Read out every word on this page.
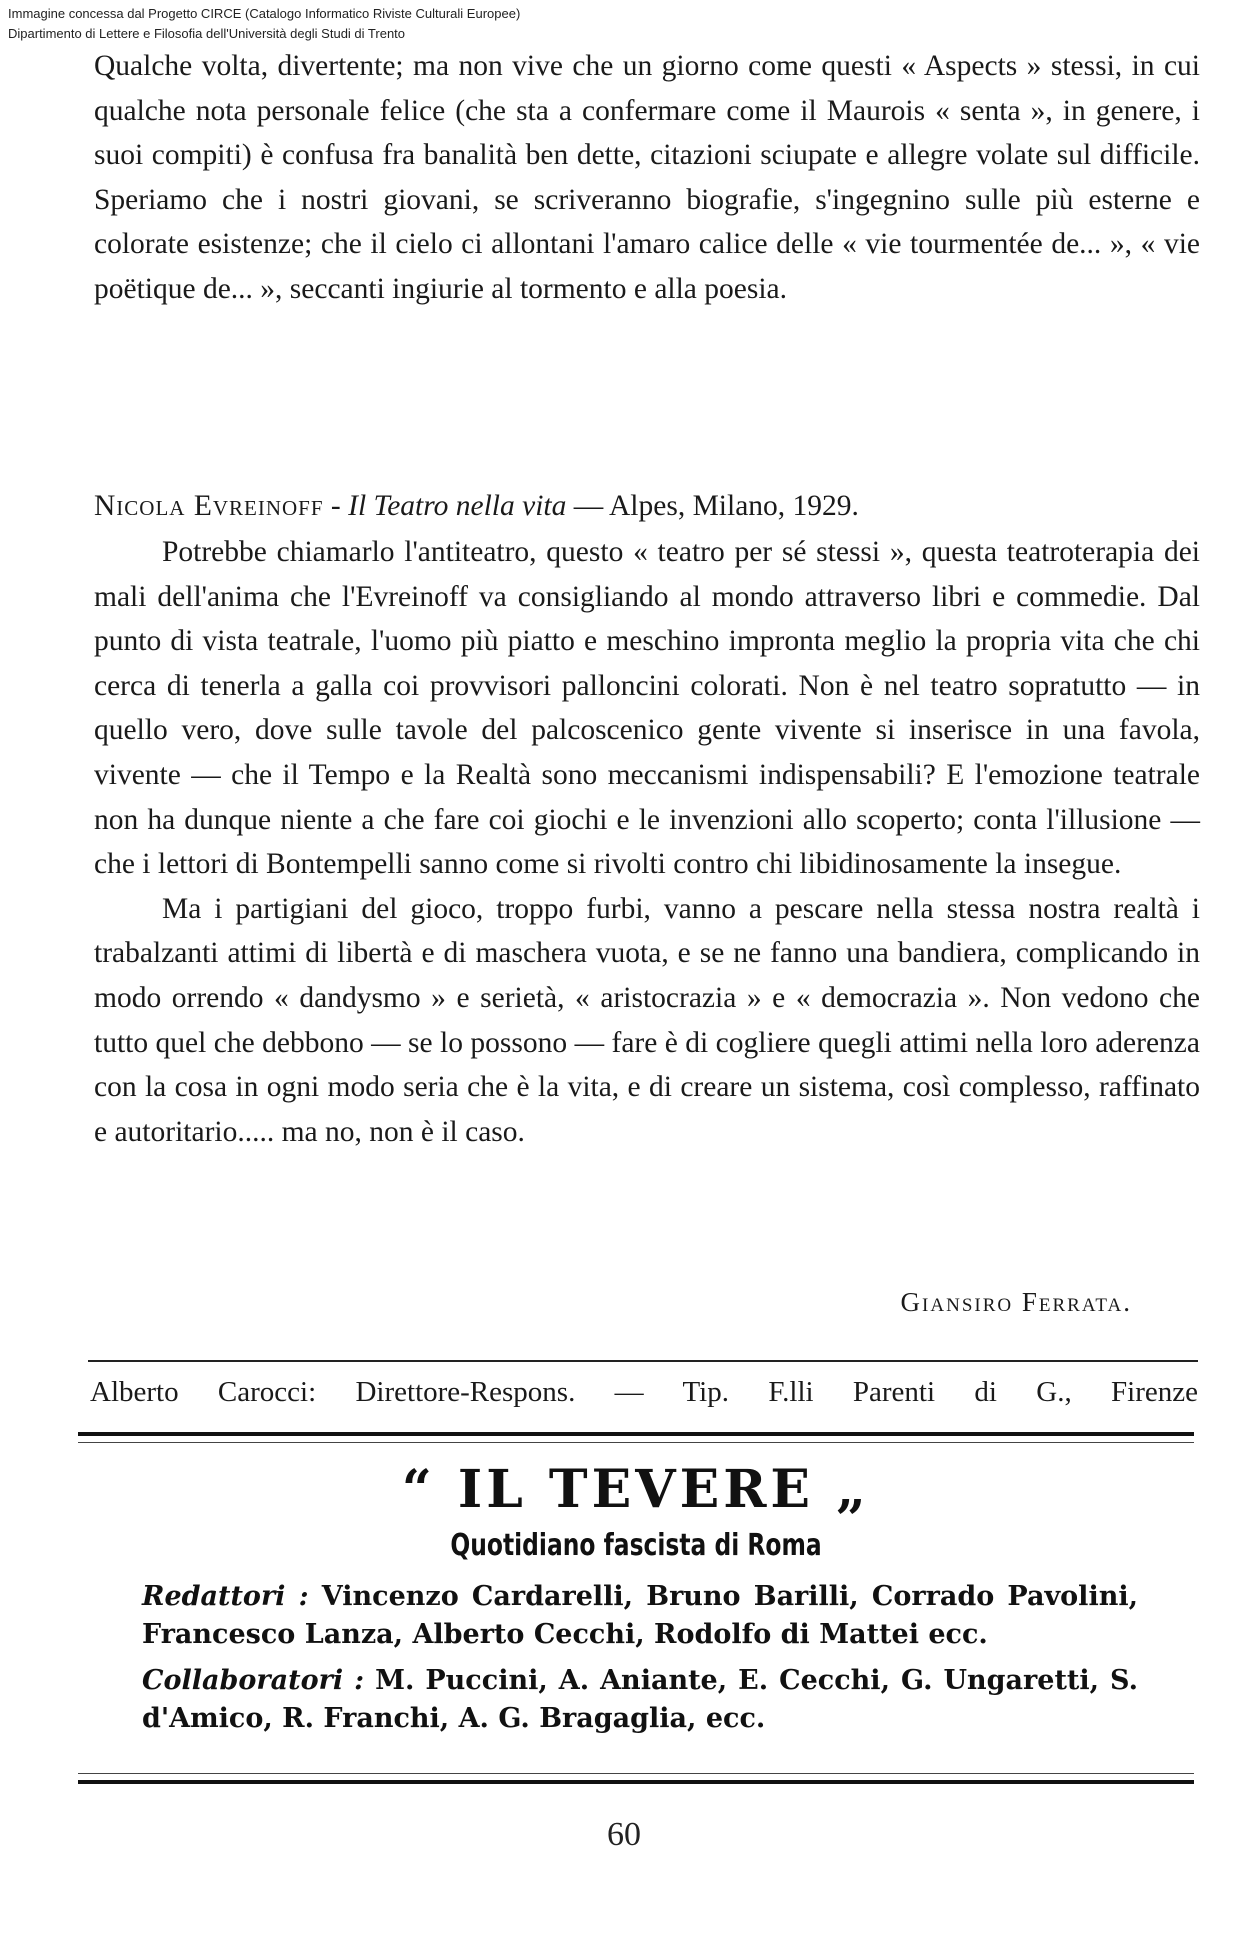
Immagine concessa dal Progetto CIRCE (Catalogo Informatico Riviste Culturali Europee)
Dipartimento di Lettere e Filosofia dell'Università degli Studi di Trento

Qualche volta, divertente; ma non vive che un giorno come questi « Aspects » stessi, in cui qualche nota personale felice (che sta a confermare come il Maurois « senta », in genere, i suoi compiti) è confusa fra banalità ben dette, citazioni sciupate e allegre volate sul difficile. Speriamo che i nostri giovani, se scriveranno biografie, s'ingegnino sulle più esterne e colorate esistenze; che il cielo ci allontani l'amaro calice delle « vie tourmentée de... », « vie poëtique de... », seccanti ingiurie al tormento e alla poesia.

Nicola Evreinoff - Il Teatro nella vita — Alpes, Milano, 1929.

Potrebbe chiamarlo l'antiteatro, questo « teatro per sé stessi », questa teatroterapia dei mali dell'anima che l'Evreinoff va consigliando al mondo attraverso libri e commedie. Dal punto di vista teatrale, l'uomo più piatto e meschino impronta meglio la propria vita che chi cerca di tenerla a galla coi provvisori palloncini colorati. Non è nel teatro sopratutto — in quello vero, dove sulle tavole del palcoscenico gente vivente si inserisce in una favola, vivente — che il Tempo e la Realtà sono meccanismi indispensabili? E l'emozione teatrale non ha dunque niente a che fare coi giochi e le invenzioni allo scoperto; conta l'illusione — che i lettori di Bontempelli sanno come si rivolti contro chi libidinosamente la insegue.

Ma i partigiani del gioco, troppo furbi, vanno a pescare nella stessa nostra realtà i trabalzanti attimi di libertà e di maschera vuota, e se ne fanno una bandiera, complicando in modo orrendo « dandysmo » e serietà, « aristocrazia » e « democrazia ». Non vedono che tutto quel che debbono — se lo possono — fare è di cogliere quegli attimi nella loro aderenza con la cosa in ogni modo seria che è la vita, e di creare un sistema, così complesso, raffinato e autoritario..... ma no, non è il caso.

Giansiro Ferrata.
Alberto Carocci: Direttore-Respons. — Tip. F.lli Parenti di G., Firenze
“ IL TEVERE „
Quotidiano fascista di Roma
Redattori : Vincenzo Cardarelli, Bruno Barilli, Corrado Pavolini, Francesco Lanza, Alberto Cecchi, Rodolfo di Mattei ecc.
Collaboratori : M. Puccini, A. Aniante, E. Cecchi, G. Ungaretti, S. d'Amico, R. Franchi, A. G. Bragaglia, ecc.
60
